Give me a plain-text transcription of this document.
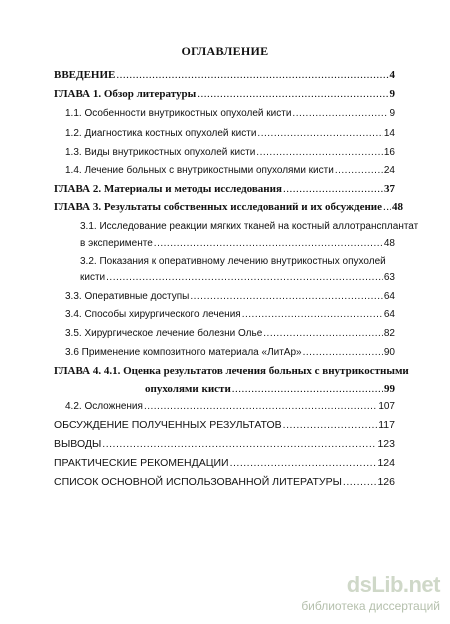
ОГЛАВЛЕНИЕ
ВВЕДЕНИЕ .....	4
ГЛАВА 1. Обзор литературы .....	9
1.1. Особенности внутрикостных опухолей кисти .....	9
1.2. Диагностика костных опухолей кисти .....	14
1.3. Виды внутрикостных опухолей кисти .....	16
1.4. Лечение больных с внутрикостными опухолями кисти .....	24
ГЛАВА 2. Материалы и методы исследования .....	37
ГЛАВА 3. Результаты собственных исследований и их обсуждение ..... 48
3.1. Исследование реакции мягких тканей на костный аллотрансплантат
в эксперименте .....	48
3.2. Показания к оперативному лечению внутрикостных опухолей
кисти .....	63
3.3. Оперативные доступы .....	64
3.4. Способы хирургического лечения .....	64
3.5. Хирургическое лечение болезни Олье .....	82
3.6 Применение композитного материала «ЛитАр» .....	90
ГЛАВА 4. 4.1. Оценка результатов лечения больных с внутрикостными
опухолями кисти .....	99
4.2. Осложнения .....	107
ОБСУЖДЕНИЕ ПОЛУЧЕННЫХ РЕЗУЛЬТАТОВ .....	117
ВЫВОДЫ .....	123
ПРАКТИЧЕСКИЕ РЕКОМЕНДАЦИИ .....	124
СПИСОК ОСНОВНОЙ ИСПОЛЬЗОВАННОЙ ЛИТЕРАТУРЫ .....	126
dsLib.net
библиотека диссертаций
